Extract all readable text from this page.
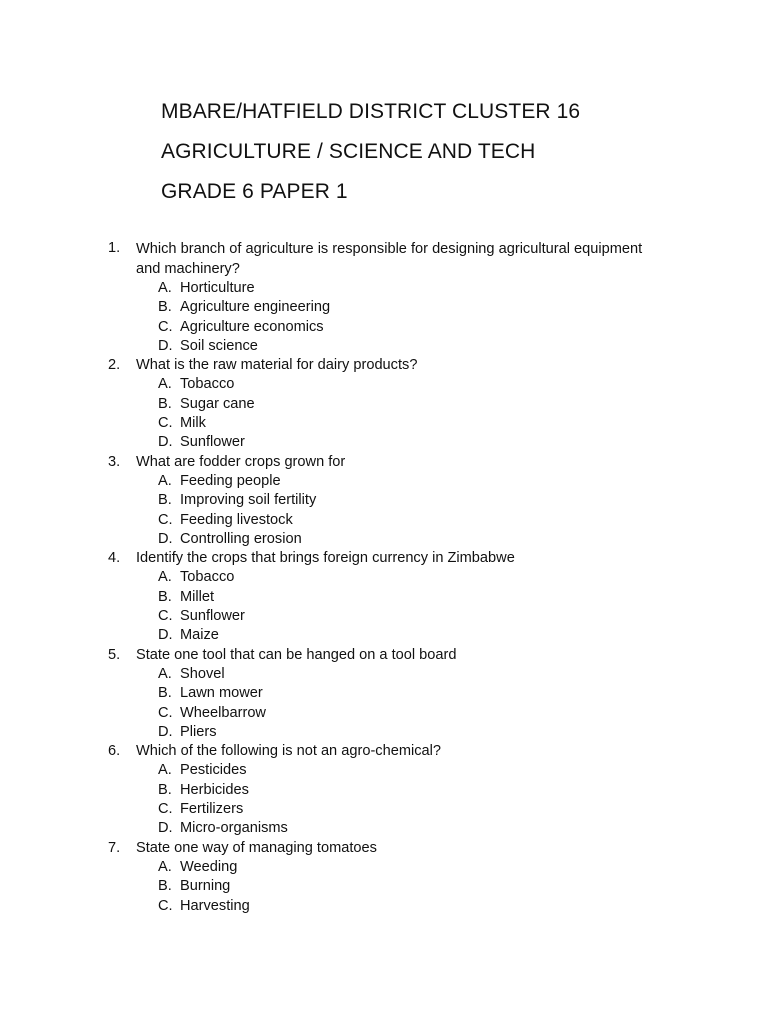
MBARE/HATFIELD DISTRICT CLUSTER 16
AGRICULTURE / SCIENCE AND TECH
GRADE 6 PAPER 1
1.	Which branch of agriculture is responsible for designing agricultural equipment and machinery?
A. Horticulture
B. Agriculture engineering
C. Agriculture economics
D. Soil science
2.	What is the raw material for dairy products?
A. Tobacco
B. Sugar cane
C. Milk
D. Sunflower
3.	What are fodder crops grown for
A. Feeding people
B. Improving soil fertility
C. Feeding livestock
D. Controlling erosion
4.	Identify the crops that brings foreign currency in Zimbabwe
A. Tobacco
B. Millet
C. Sunflower
D. Maize
5.	State one tool that can be hanged on a tool board
A. Shovel
B. Lawn mower
C. Wheelbarrow
D. Pliers
6.	Which of the following is not an agro-chemical?
A. Pesticides
B. Herbicides
C. Fertilizers
D. Micro-organisms
7.	State one way of managing tomatoes
A. Weeding
B. Burning
C. Harvesting
